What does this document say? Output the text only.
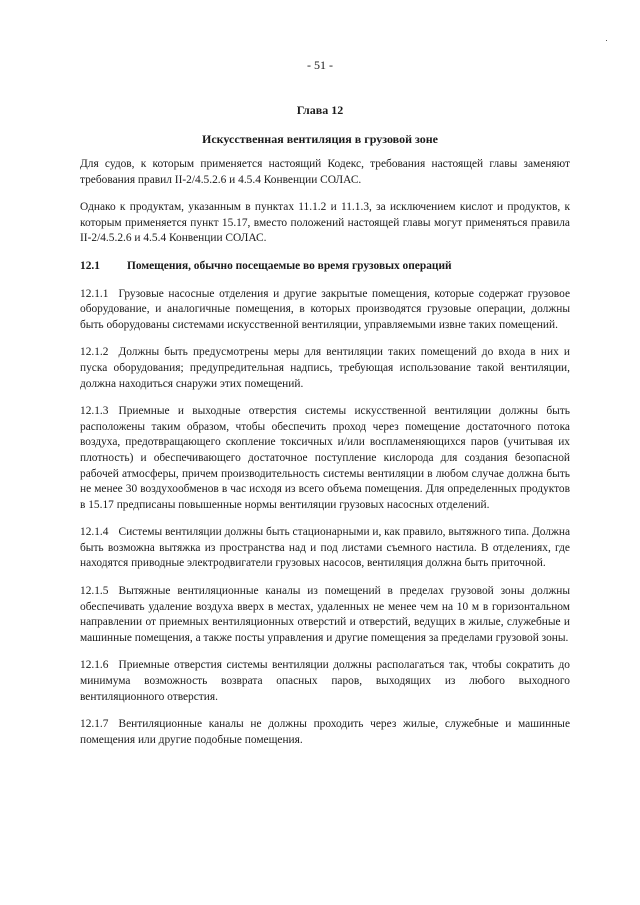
- 51 -
Глава 12
Искусственная вентиляция в грузовой зоне

Для судов, к которым применяется настоящий Кодекс, требования настоящей главы заменяют требования правил II-2/4.5.2.6 и 4.5.4 Конвенции СОЛАС.

Однако к продуктам, указанным в пунктах 11.1.2 и 11.1.3, за исключением кислот и продуктов, к которым применяется пункт 15.17, вместо положений настоящей главы могут применяться правила II-2/4.5.2.6 и 4.5.4 Конвенции СОЛАС.

12.1 Помещения, обычно посещаемые во время грузовых операций

12.1.1 Грузовые насосные отделения и другие закрытые помещения, которые содержат грузовое оборудование, и аналогичные помещения, в которых производятся грузовые операции, должны быть оборудованы системами искусственной вентиляции, управляемыми извне таких помещений.

12.1.2 Должны быть предусмотрены меры для вентиляции таких помещений до входа в них и пуска оборудования; предупредительная надпись, требующая использование такой вентиляции, должна находиться снаружи этих помещений.

12.1.3 Приемные и выходные отверстия системы искусственной вентиляции должны быть расположены таким образом, чтобы обеспечить проход через помещение достаточного потока воздуха, предотвращающего скопление токсичных и/или воспламеняющихся паров (учитывая их плотность) и обеспечивающего достаточное поступление кислорода для создания безопасной рабочей атмосферы, причем производительность системы вентиляции в любом случае должна быть не менее 30 воздухообменов в час исходя из всего объема помещения. Для определенных продуктов в 15.17 предписаны повышенные нормы вентиляции грузовых насосных отделений.

12.1.4 Системы вентиляции должны быть стационарными и, как правило, вытяжного типа. Должна быть возможна вытяжка из пространства над и под листами съемного настила. В отделениях, где находятся приводные электродвигатели грузовых насосов, вентиляция должна быть приточной.

12.1.5 Вытяжные вентиляционные каналы из помещений в пределах грузовой зоны должны обеспечивать удаление воздуха вверх в местах, удаленных не менее чем на 10 м в горизонтальном направлении от приемных вентиляционных отверстий и отверстий, ведущих в жилые, служебные и машинные помещения, а также посты управления и другие помещения за пределами грузовой зоны.

12.1.6 Приемные отверстия системы вентиляции должны располагаться так, чтобы сократить до минимума возможность возврата опасных паров, выходящих из любого выходного вентиляционного отверстия.

12.1.7 Вентиляционные каналы не должны проходить через жилые, служебные и машинные помещения или другие подобные помещения.
